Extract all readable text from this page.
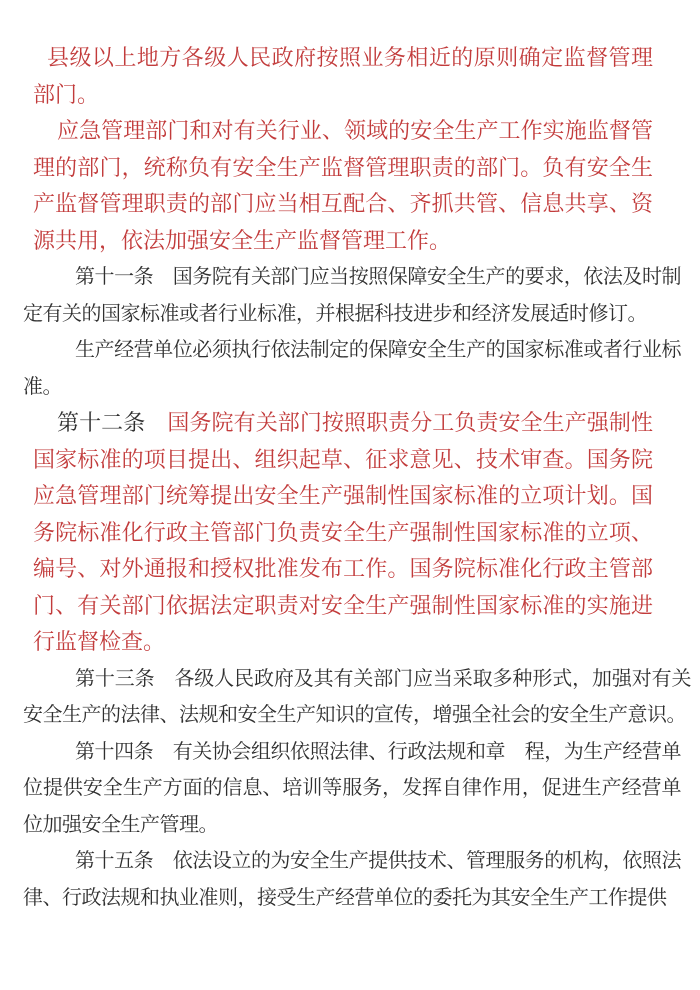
县级以上地方各级人民政府按照业务相近的原则确定监督管理部门。

应急管理部门和对有关行业、领域的安全生产工作实施监督管理的部门，统称负有安全生产监督管理职责的部门。负有安全生产监督管理职责的部门应当相互配合、齐抓共管、信息共享、资源共用，依法加强安全生产监督管理工作。

第十一条　国务院有关部门应当按照保障安全生产的要求，依法及时制定有关的国家标准或者行业标准，并根据科技进步和经济发展适时修订。

生产经营单位必须执行依法制定的保障安全生产的国家标准或者行业标准。

第十二条　国务院有关部门按照职责分工负责安全生产强制性国家标准的项目提出、组织起草、征求意见、技术审查。国务院应急管理部门统筹提出安全生产强制性国家标准的立项计划。国务院标准化行政主管部门负责安全生产强制性国家标准的立项、编号、对外通报和授权批准发布工作。国务院标准化行政主管部门、有关部门依据法定职责对安全生产强制性国家标准的实施进行监督检查。

第十三条　各级人民政府及其有关部门应当采取多种形式，加强对有关安全生产的法律、法规和安全生产知识的宣传，增强全社会的安全生产意识。

第十四条　有关协会组织依照法律、行政法规和章　程，为生产经营单位提供安全生产方面的信息、培训等服务，发挥自律作用，促进生产经营单位加强安全生产管理。

第十五条　依法设立的为安全生产提供技术、管理服务的机构，依照法律、行政法规和执业准则，接受生产经营单位的委托为其安全生产工作提供
